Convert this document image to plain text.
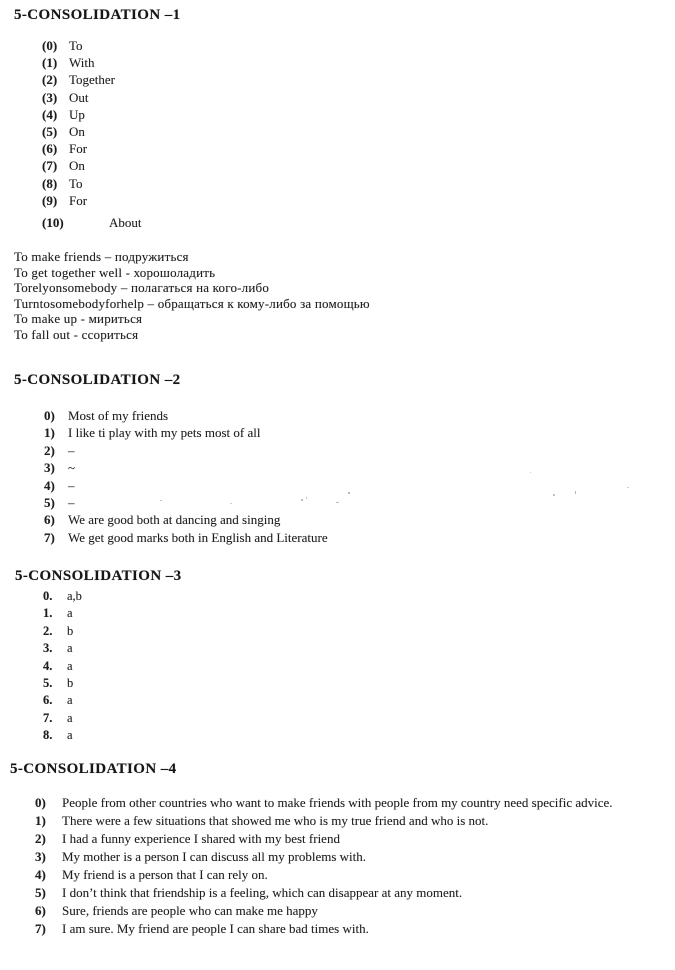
5-CONSOLIDATION –1
(0) To
(1) With
(2) Together
(3) Out
(4) Up
(5) On
(6) For
(7) On
(8) To
(9) For
(10)	About
To make friends – подружиться
To get together well - хорошоладить
Torelyonsomebody – полагаться на кого-либо
Turntosomebodyforhelp – обращаться к кому-либо за помощью
To make up - мириться
To fall out - ссориться
5-CONSOLIDATION –2
0)	Most of my friends
1)	I like ti play with my pets most of all
2)	–
3)	~
4)	–
5)	–
6)	We are good both at dancing and singing
7)	We get good marks both in English and Literature
5-CONSOLIDATION –3
0.	a,b
1.	a
2.	b
3.	a
4.	a
5.	b
6.	a
7.	a
8.	a
5-CONSOLIDATION –4
0)	People from other countries who want to make friends with people from my country need specific advice.
1)	There were a few situations that showed me who is my true friend and who is not.
2)	I had a funny experience I shared with my best friend
3)	My mother is a person I can discuss all my problems with.
4)	My friend is a person that I can rely on.
5)	I don’t think that friendship is a feeling, which can disappear at any moment.
6)	Sure, friends are people who can make me happy
7)	I am sure. My friend are people I can share bad times with.
